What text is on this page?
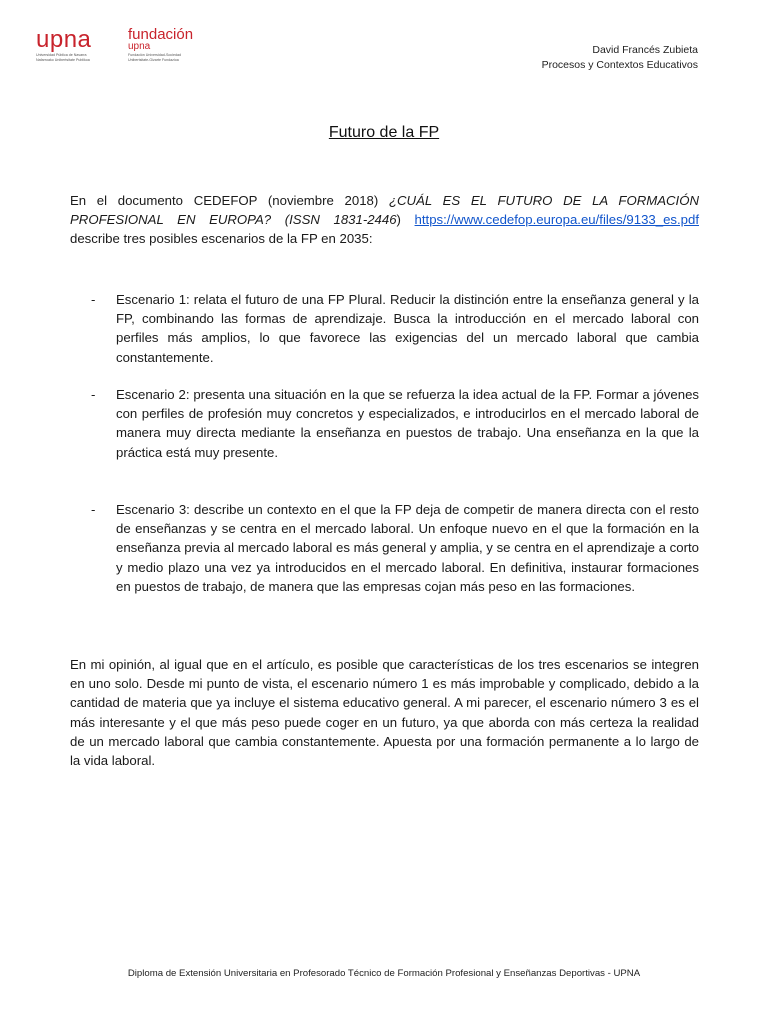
upna
Universidad Pública de Navarra
Nafarroako Unibertsitate Publikoa
fundación
upna
Fundación Universidad-Sociedad
Unibertsitate-Gizarte Fundazioa
David Francés Zubieta
Procesos y Contextos Educativos
Futuro de la FP
En el documento CEDEFOP (noviembre 2018) ¿CUÁL ES EL FUTURO DE LA FORMACIÓN PROFESIONAL EN EUROPA? (ISSN 1831-2446) https://www.cedefop.europa.eu/files/9133_es.pdf describe tres posibles escenarios de la FP en 2035:
- Escenario 1: relata el futuro de una FP Plural. Reducir la distinción entre la enseñanza general y la FP, combinando las formas de aprendizaje. Busca la introducción en el mercado laboral con perfiles más amplios, lo que favorece las exigencias del un mercado laboral que cambia constantemente.
- Escenario 2: presenta una situación en la que se refuerza la idea actual de la FP. Formar a jóvenes con perfiles de profesión muy concretos y especializados, e introducirlos en el mercado laboral de manera muy directa mediante la enseñanza en puestos de trabajo. Una enseñanza en la que la práctica está muy presente.
- Escenario 3: describe un contexto en el que la FP deja de competir de manera directa con el resto de enseñanzas y se centra en el mercado laboral. Un enfoque nuevo en el que la formación en la enseñanza previa al mercado laboral es más general y amplia, y se centra en el aprendizaje a corto y medio plazo una vez ya introducidos en el mercado laboral. En definitiva, instaurar formaciones en puestos de trabajo, de manera que las empresas cojan más peso en las formaciones.
En mi opinión, al igual que en el artículo, es posible que características de los tres escenarios se integren en uno solo. Desde mi punto de vista, el escenario número 1 es más improbable y complicado, debido a la cantidad de materia que ya incluye el sistema educativo general. A mi parecer, el escenario número 3 es el más interesante y el que más peso puede coger en un futuro, ya que aborda con más certeza la realidad de un mercado laboral que cambia constantemente. Apuesta por una formación permanente a lo largo de la vida laboral.
Diploma de Extensión Universitaria en Profesorado Técnico de Formación Profesional y Enseñanzas Deportivas - UPNA
